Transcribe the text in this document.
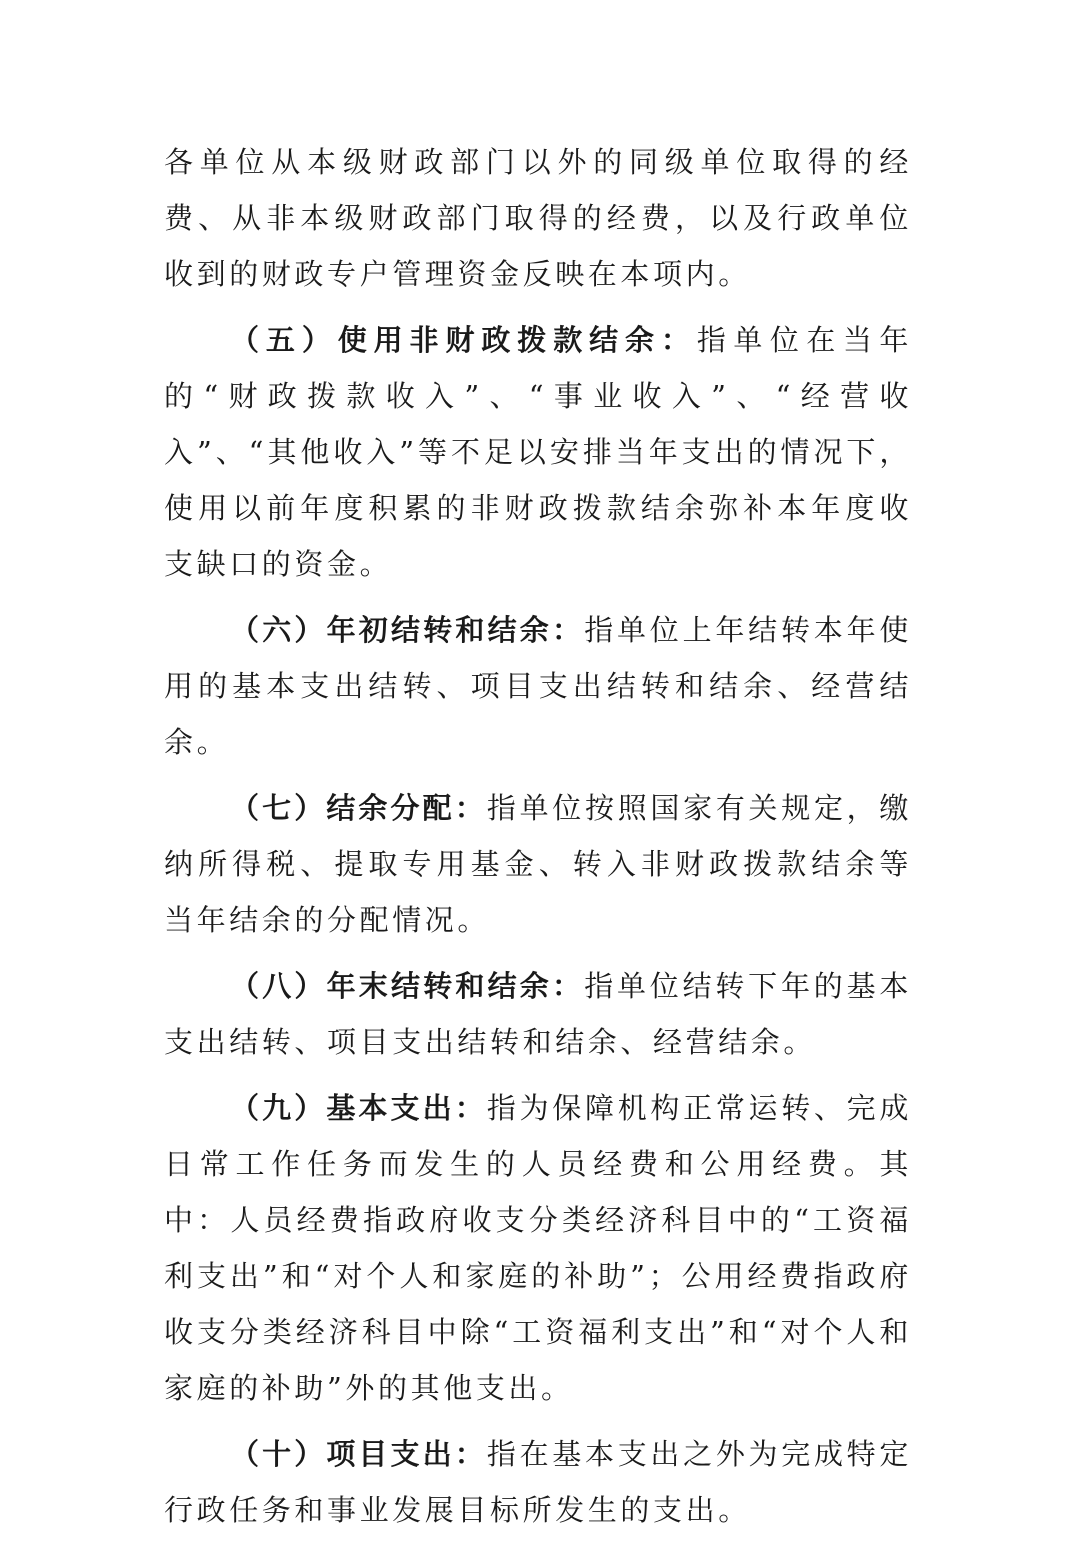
各单位从本级财政部门以外的同级单位取得的经费、从非本级财政部门取得的经费，以及行政单位收到的财政专户管理资金反映在本项内。

（五）使用非财政拨款结余：指单位在当年的“财政拨款收入”、“事业收入”、“经营收入”、“其他收入”等不足以安排当年支出的情况下，使用以前年度积累的非财政拨款结余弥补本年度收支缺口的资金。

（六）年初结转和结余：指单位上年结转本年使用的基本支出结转、项目支出结转和结余、经营结余。

（七）结余分配：指单位按照国家有关规定，缴纳所得税、提取专用基金、转入非财政拨款结余等当年结余的分配情况。

（八）年末结转和结余：指单位结转下年的基本支出结转、项目支出结转和结余、经营结余。

（九）基本支出：指为保障机构正常运转、完成日常工作任务而发生的人员经费和公用经费。其中：人员经费指政府收支分类经济科目中的“工资福利支出”和“对个人和家庭的补助”；公用经费指政府收支分类经济科目中除“工资福利支出”和“对个人和家庭的补助”外的其他支出。

（十）项目支出：指在基本支出之外为完成特定行政任务和事业发展目标所发生的支出。
